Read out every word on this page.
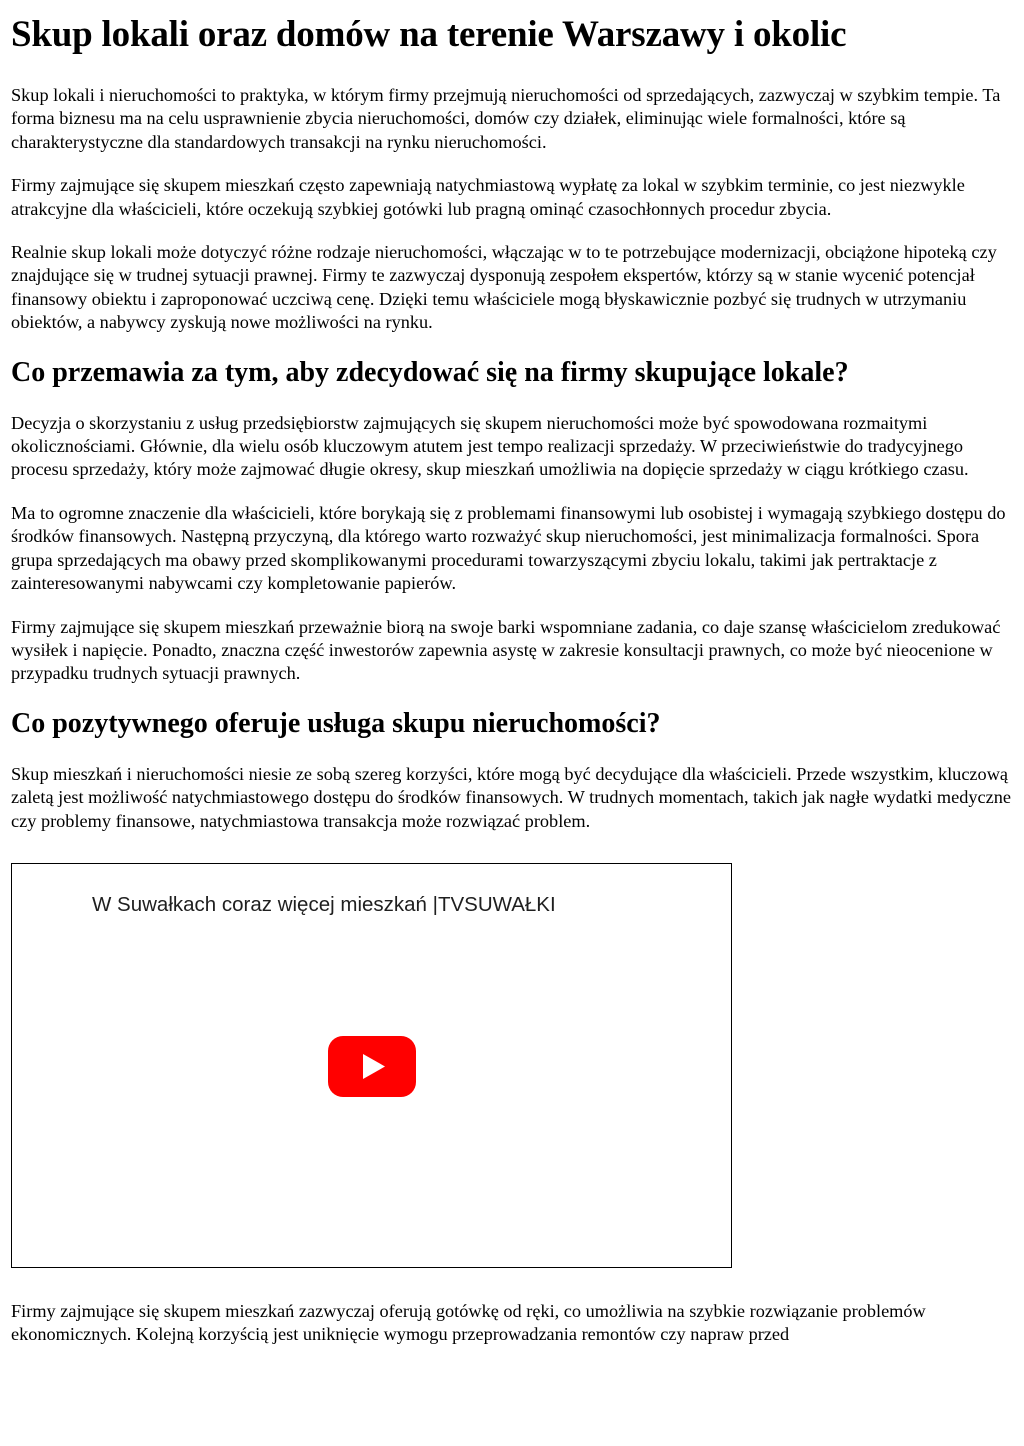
Skup lokali oraz domów na terenie Warszawy i okolic

Skup lokali i nieruchomości to praktyka, w którym firmy przejmują nieruchomości od sprzedających, zazwyczaj w szybkim tempie. Ta forma biznesu ma na celu usprawnienie zbycia nieruchomości, domów czy działek, eliminując wiele formalności, które są charakterystyczne dla standardowych transakcji na rynku nieruchomości.

Firmy zajmujące się skupem mieszkań często zapewniają natychmiastową wypłatę za lokal w szybkim terminie, co jest niezwykle atrakcyjne dla właścicieli, które oczekują szybkiej gotówki lub pragną ominąć czasochłonnych procedur zbycia.

Realnie skup lokali może dotyczyć różne rodzaje nieruchomości, włączając w to te potrzebujące modernizacji, obciążone hipoteką czy znajdujące się w trudnej sytuacji prawnej. Firmy te zazwyczaj dysponują zespołem ekspertów, którzy są w stanie wycenić potencjał finansowy obiektu i zaproponować uczciwą cenę. Dzięki temu właściciele mogą błyskawicznie pozbyć się trudnych w utrzymaniu obiektów, a nabywcy zyskują nowe możliwości na rynku.

Co przemawia za tym, aby zdecydować się na firmy skupujące lokale?

Decyzja o skorzystaniu z usług przedsiębiorstw zajmujących się skupem nieruchomości może być spowodowana rozmaitymi okolicznościami. Głównie, dla wielu osób kluczowym atutem jest tempo realizacji sprzedaży. W przeciwieństwie do tradycyjnego procesu sprzedaży, który może zajmować długie okresy, skup mieszkań umożliwia na dopięcie sprzedaży w ciągu krótkiego czasu.

Ma to ogromne znaczenie dla właścicieli, które borykają się z problemami finansowymi lub osobistej i wymagają szybkiego dostępu do środków finansowych. Następną przyczyną, dla którego warto rozważyć skup nieruchomości, jest minimalizacja formalności. Spora grupa sprzedających ma obawy przed skomplikowanymi procedurami towarzyszącymi zbyciu lokalu, takimi jak pertraktacje z zainteresowanymi nabywcami czy kompletowanie papierów.

Firmy zajmujące się skupem mieszkań przeważnie biorą na swoje barki wspomniane zadania, co daje szansę właścicielom zredukować wysiłek i napięcie. Ponadto, znaczna część inwestorów zapewnia asystę w zakresie konsultacji prawnych, co może być nieocenione w przypadku trudnych sytuacji prawnych.

Co pozytywnego oferuje usługa skupu nieruchomości?

Skup mieszkań i nieruchomości niesie ze sobą szereg korzyści, które mogą być decydujące dla właścicieli. Przede wszystkim, kluczową zaletą jest możliwość natychmiastowego dostępu do środków finansowych. W trudnych momentach, takich jak nagłe wydatki medyczne czy problemy finansowe, natychmiastowa transakcja może rozwiązać problem.

W Suwałkach coraz więcej mieszkań |TVSUWAŁKI

Firmy zajmujące się skupem mieszkań zazwyczaj oferują gotówkę od ręki, co umożliwia na szybkie rozwiązanie problemów ekonomicznych. Kolejną korzyścią jest uniknięcie wymogu przeprowadzania remontów czy napraw przed
